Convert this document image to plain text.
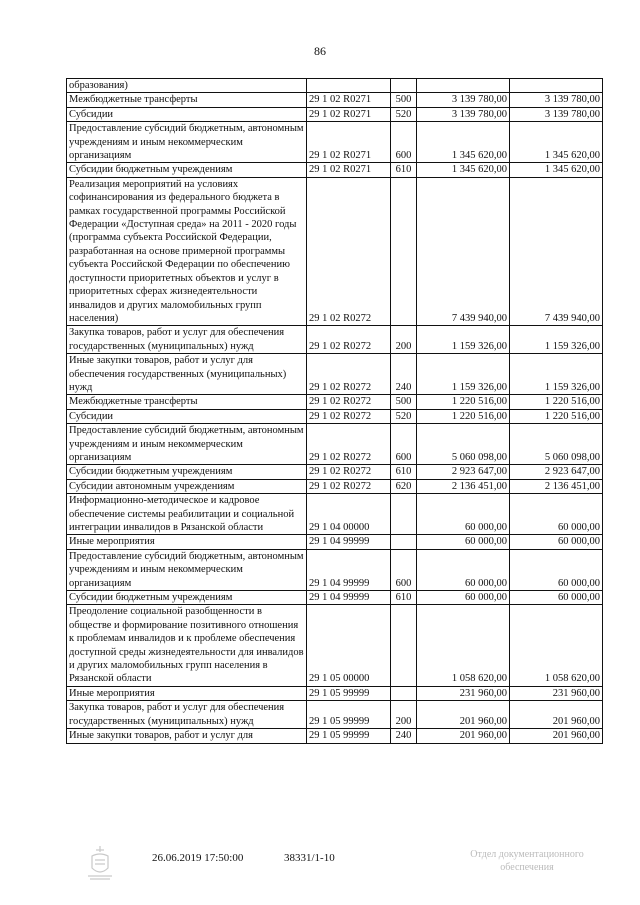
86
образования)				
Межбюджетные трансферты	29 1 02 R0271	500	3 139 780,00	3 139 780,00
Субсидии	29 1 02 R0271	520	3 139 780,00	3 139 780,00
Предоставление субсидий бюджетным, автономным учреждениям и иным некоммерческим организациям	29 1 02 R0271	600	1 345 620,00	1 345 620,00
Субсидии бюджетным учреждениям	29 1 02 R0271	610	1 345 620,00	1 345 620,00
Реализация мероприятий на условиях софинансирования из федерального бюджета в рамках государственной программы Российской Федерации «Доступная среда» на 2011 - 2020 годы (программа субъекта Российской Федерации, разработанная на основе примерной программы субъекта Российской Федерации по обеспечению доступности приоритетных объектов и услуг в приоритетных сферах жизнедеятельности инвалидов и других маломобильных групп населения)	29 1 02 R0272		7 439 940,00	7 439 940,00
Закупка товаров, работ и услуг для обеспечения государственных (муниципальных) нужд	29 1 02 R0272	200	1 159 326,00	1 159 326,00
Иные закупки товаров, работ и услуг для обеспечения государственных (муниципальных) нужд	29 1 02 R0272	240	1 159 326,00	1 159 326,00
Межбюджетные трансферты	29 1 02 R0272	500	1 220 516,00	1 220 516,00
Субсидии	29 1 02 R0272	520	1 220 516,00	1 220 516,00
Предоставление субсидий бюджетным, автономным учреждениям и иным некоммерческим организациям	29 1 02 R0272	600	5 060 098,00	5 060 098,00
Субсидии бюджетным учреждениям	29 1 02 R0272	610	2 923 647,00	2 923 647,00
Субсидии автономным учреждениям	29 1 02 R0272	620	2 136 451,00	2 136 451,00
Информационно-методическое и кадровое обеспечение системы реабилитации и социальной интеграции инвалидов в Рязанской области	29 1 04 00000		60 000,00	60 000,00
Иные мероприятия	29 1 04 99999		60 000,00	60 000,00
Предоставление субсидий бюджетным, автономным учреждениям и иным некоммерческим организациям	29 1 04 99999	600	60 000,00	60 000,00
Субсидии бюджетным учреждениям	29 1 04 99999	610	60 000,00	60 000,00
Преодоление социальной разобщенности в обществе и формирование позитивного отношения к проблемам инвалидов и к проблеме обеспечения доступной среды жизнедеятельности для инвалидов и других маломобильных групп населения в Рязанской области	29 1 05 00000		1 058 620,00	1 058 620,00
Иные мероприятия	29 1 05 99999		231 960,00	231 960,00
Закупка товаров, работ и услуг для обеспечения государственных (муниципальных) нужд	29 1 05 99999	200	201 960,00	201 960,00
Иные закупки товаров, работ и услуг для	29 1 05 99999	240	201 960,00	201 960,00
26.06.2019 17:50:00	38331/1-10	Отдел документационного обеспечения
